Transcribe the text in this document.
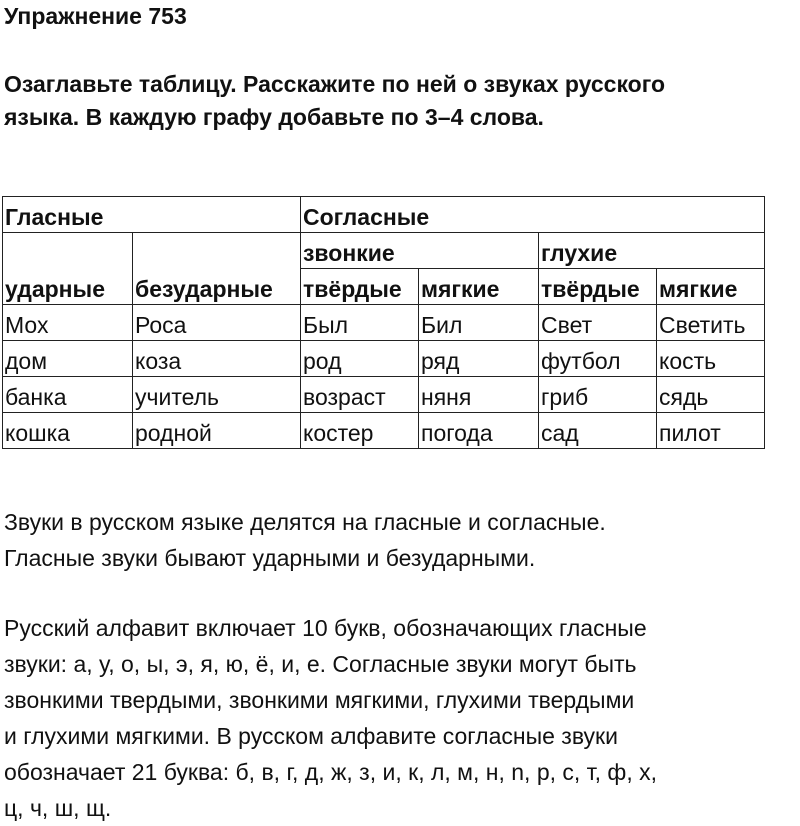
Упражнение 753
Озаглавьте таблицу. Расскажите по ней о звуках русского
языка. В каждую графу добавьте по 3–4 слова.
Гласные		Согласные			
ударные	безударные	звонкие		глухие	
		твёрдые	мягкие	твёрдые	мягкие
Мох	Роса	Был	Бил	Свет	Светить
дом	коза	род	ряд	футбол	кость
банка	учитель	возраст	няня	гриб	сядь
кошка	родной	костер	погода	сад	пилот
Звуки в русском языке делятся на гласные и согласные.
Гласные звуки бывают ударными и безударными.
Русский алфавит включает 10 букв, обозначающих гласные
звуки: а, у, о, ы, э, я, ю, ё, и, е. Согласные звуки могут быть
звонкими твердыми, звонкими мягкими, глухими твердыми
и глухими мягкими. В русском алфавите согласные звуки
обозначает 21 буква: б, в, г, д, ж, з, и, к, л, м, н, n, р, с, т, ф, х,
ц, ч, ш, щ.
